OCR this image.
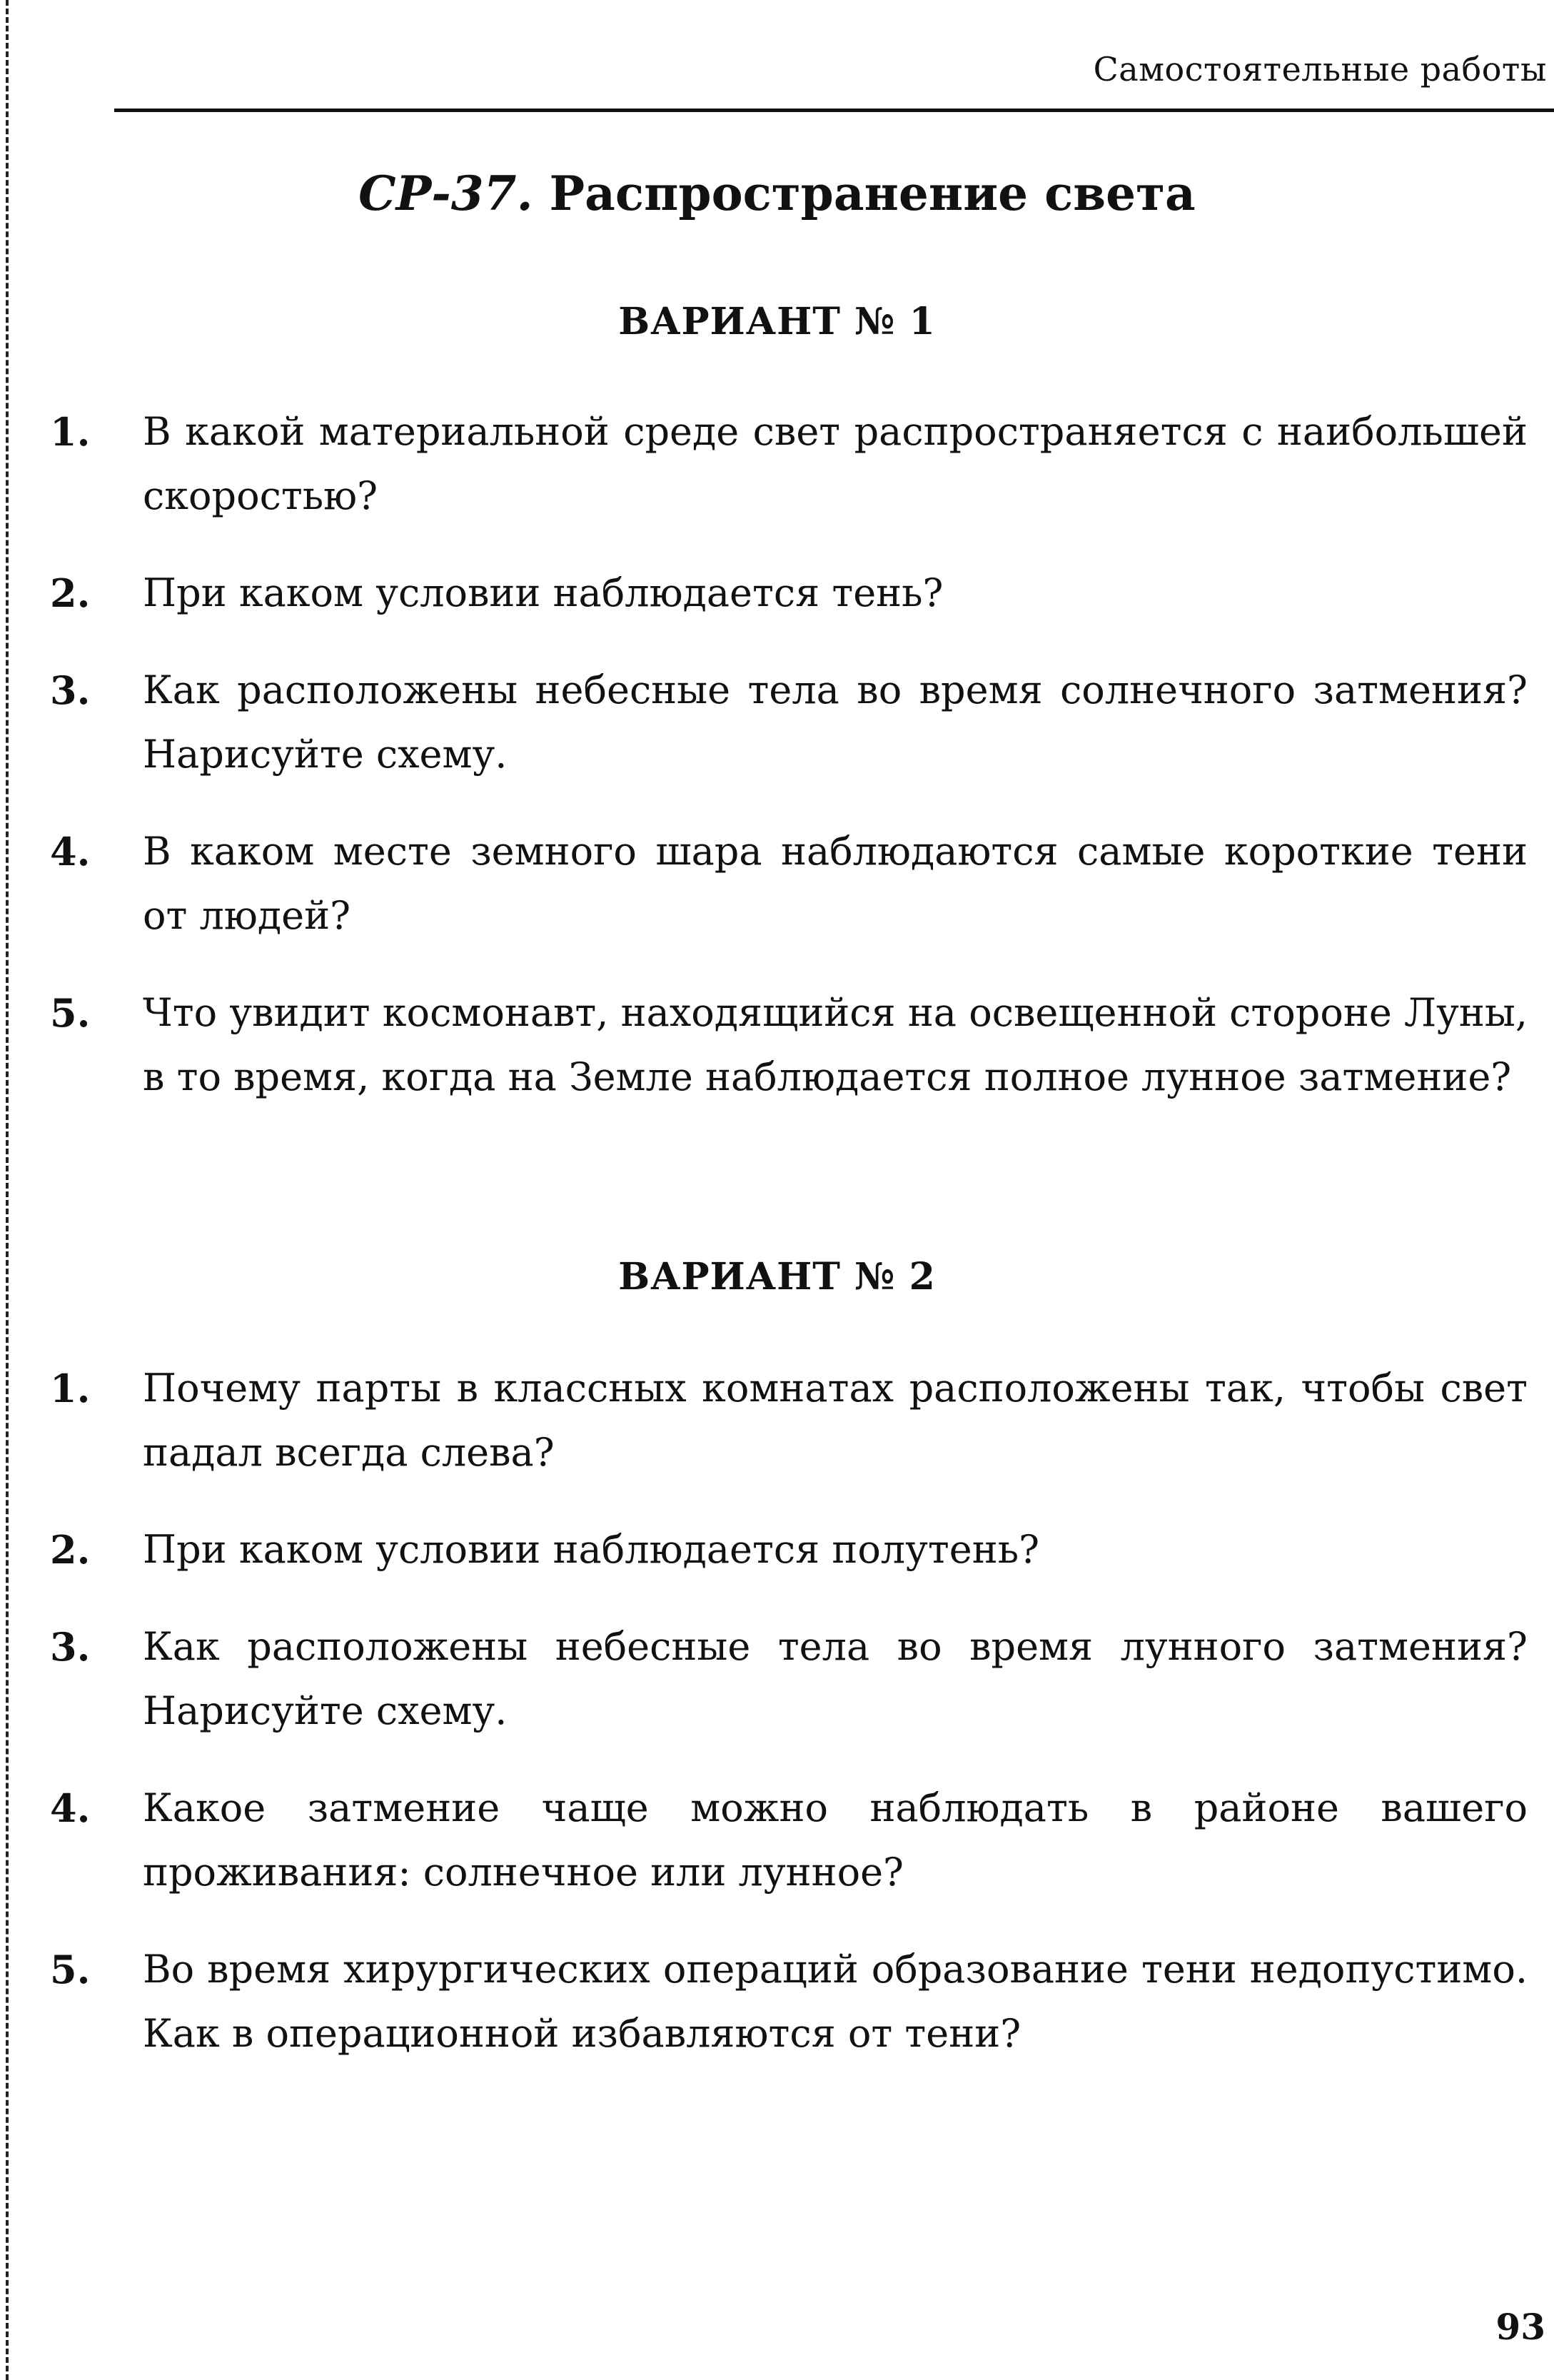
Самостоятельные работы
СР-37. Распространение света
ВАРИАНТ № 1
1. В какой материальной среде свет распространяется с наибольшей скоростью?
2. При каком условии наблюдается тень?
3. Как расположены небесные тела во время солнечного затмения? Нарисуйте схему.
4. В каком месте земного шара наблюдаются самые короткие тени от людей?
5. Что увидит космонавт, находящийся на освещенной стороне Луны, в то время, когда на Земле наблюдается полное лунное затмение?
ВАРИАНТ № 2
1. Почему парты в классных комнатах расположены так, чтобы свет падал всегда слева?
2. При каком условии наблюдается полутень?
3. Как расположены небесные тела во время лунного затмения? Нарисуйте схему.
4. Какое затмение чаще можно наблюдать в районе вашего проживания: солнечное или лунное?
5. Во время хирургических операций образование тени недопустимо. Как в операционной избавляются от тени?
93
